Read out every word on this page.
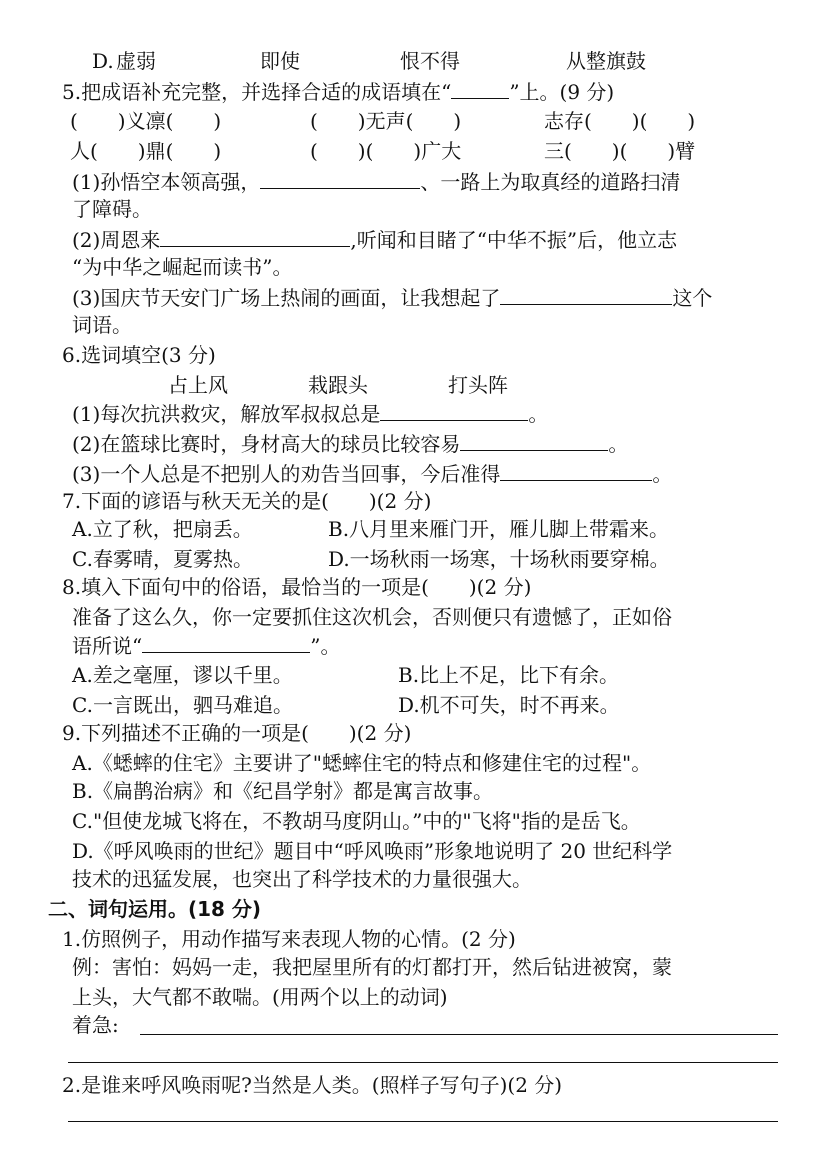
D. 虚弱	即使	恨不得	从整旗鼓
5.把成语补充完整，并选择合适的成语填在“	”上。(9 分)
(　　)义凛(　　)	(　　)无声(　　)	志存(　　)(　　)
人(　　)鼎(　　)	(　　)(　　)广大	三(　　)(　　)臂
(1)孙悟空本领高强，	、一路上为取真经的道路扫清
了障碍。
(2)周恩来	,听闻和目睹了“中华不振”后，他立志
“为中华之崛起而读书”。
(3)国庆节天安门广场上热闹的画面，让我想起了	这个
词语。
6.选词填空(3 分)
占上风	栽跟头	打头阵
(1)每次抗洪救灾，解放军叔叔总是	。
(2)在篮球比赛时，身材高大的球员比较容易	。
(3)一个人总是不把别人的劝告当回事，今后准得	。
7.下面的谚语与秋天无关的是(　　)(2 分)
A.立了秋，把扇丢。	B.八月里来雁门开，雁儿脚上带霜来。
C.春雾晴，夏雾热。	D.一场秋雨一场寒，十场秋雨要穿棉。
8.填入下面句中的俗语，最恰当的一项是(　　)(2 分)
准备了这么久，你一定要抓住这次机会，否则便只有遗憾了，正如俗
语所说“	”。
A.差之毫厘，谬以千里。	B.比上不足，比下有余。
C.一言既出，驷马难追。	D.机不可失，时不再来。
9.下列描述不正确的一项是(　　)(2 分)
A.《蟋蟀的住宅》主要讲了"蟋蟀住宅的特点和修建住宅的过程"。
B.《扁鹊治病》和《纪昌学射》都是寓言故事。
C."但使龙城飞将在，不教胡马度阴山。”中的"飞将"指的是岳飞。
D.《呼风唤雨的世纪》题目中“呼风唤雨”形象地说明了 20 世纪科学
技术的迅猛发展，也突出了科学技术的力量很强大。
二、词句运用。(18 分)
1.仿照例子，用动作描写来表现人物的心情。(2 分)
例：害怕：妈妈一走，我把屋里所有的灯都打开，然后钻进被窝，蒙
上头，大气都不敢喘。(用两个以上的动词)
着急:
2.是谁来呼风唤雨呢?当然是人类。(照样子写句子)(2 分)
